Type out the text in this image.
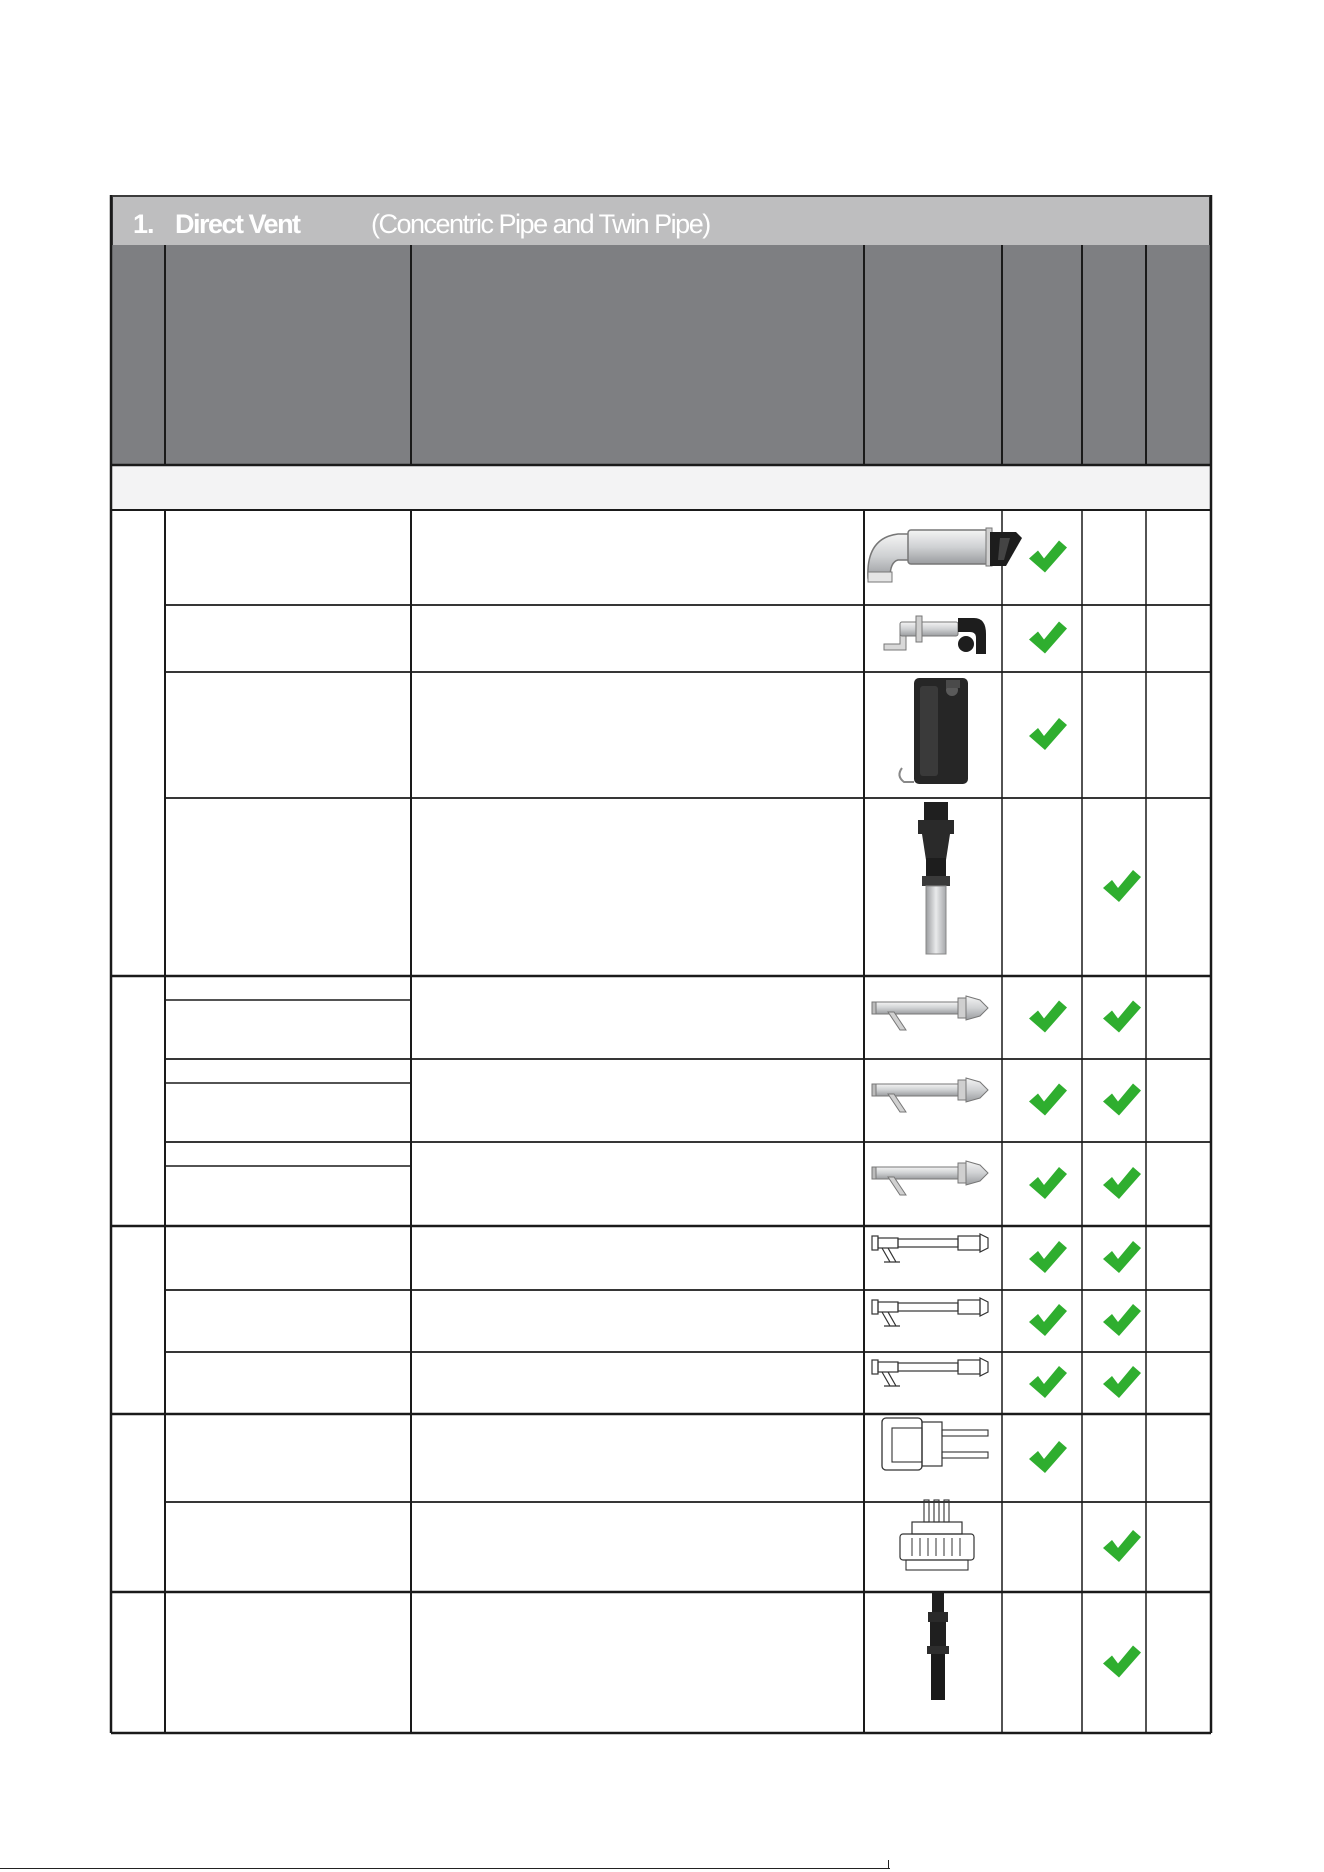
1. Direct Vent	(Concentric Pipe and Twin Pipe)
